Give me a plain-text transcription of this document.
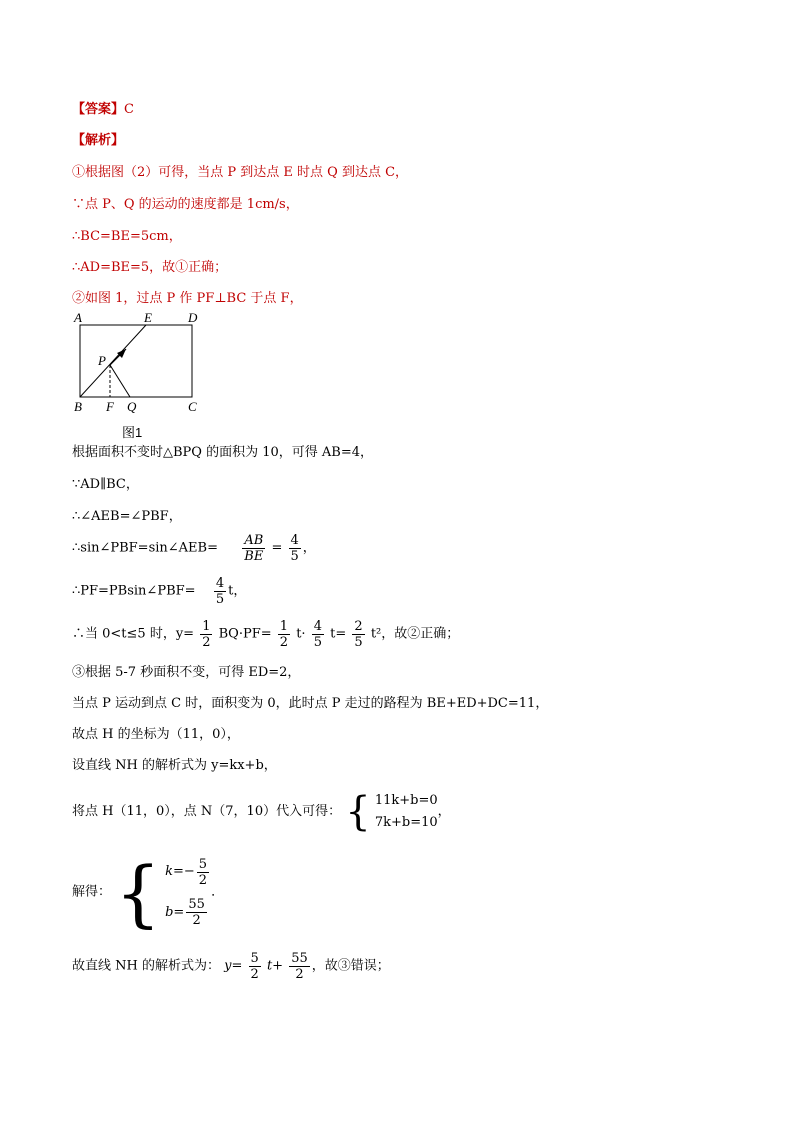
【答案】C
【解析】
①根据图（2）可得，当点 P 到达点 E 时点 Q 到达点 C，
∵点 P、Q 的运动的速度都是 1cm/s，
∴BC=BE=5cm，
∴AD=BE=5，故①正确；
②如图 1，过点 P 作 PF⊥BC 于点 F，
A	E	D
P
B F Q	C
图1
根据面积不变时△BPQ 的面积为 10，可得 AB=4，
∵AD∥BC，
∴∠AEB=∠PBF，
∴sin∠PBF=sin∠AEB= $\frac{AB}{BE} = \frac{4}{5}$ ，
∴PF=PBsin∠PBF= $\frac{4}{5}$ t，
∴当 0<t≤5 时，$y= \frac{1}{2} BQ\cdot PF= \frac{1}{2} t\cdot \frac{4}{5} t= \frac{2}{5} t^2$，故②正确；
③根据 5-7 秒面积不变，可得 ED=2，
当点 P 运动到点 C 时，面积变为 0，此时点 P 走过的路程为 BE+ED+DC=11，
故点 H 的坐标为（11，0），
设直线 NH 的解析式为 y=kx+b，
将点 H（11，0），点 N（7，10）代入可得： { 11k+b=0
7k+b=10
，
解得： { $k=- \frac{5}{2}$
$b= \frac{55}{2}$
．
故直线 NH 的解析式为： $y= \frac{5}{2} t+ \frac{55}{2}$ ，故③错误；
